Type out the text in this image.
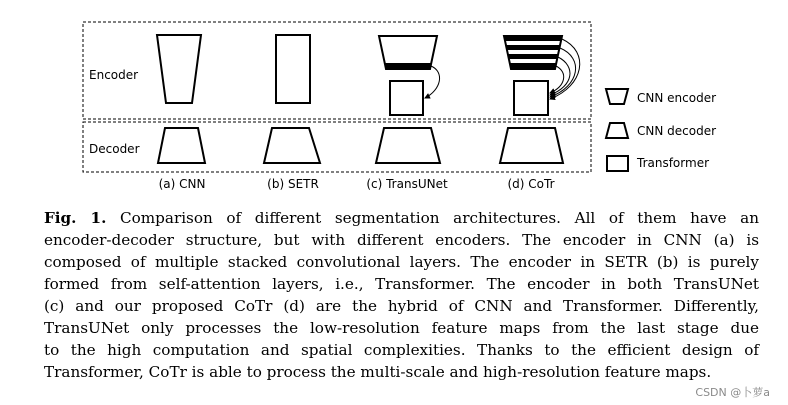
Encoder
Decoder
(a) CNN	(b) SETR	(c) TransUNet	(d) CoTr
CNN encoder
CNN decoder
Transformer
Fig. 1. Comparison of different segmentation architectures. All of them have an
encoder-decoder structure, but with different encoders. The encoder in CNN (a) is
composed of multiple stacked convolutional layers. The encoder in SETR (b) is purely
formed from self-attention layers, i.e., Transformer. The encoder in both TransUNet
(c) and our proposed CoTr (d) are the hybrid of CNN and Transformer. Differently,
TransUNet only processes the low-resolution feature maps from the last stage due
to the high computation and spatial complexities. Thanks to the efficient design of
Transformer, CoTr is able to process the multi-scale and high-resolution feature maps.
CSDN @卜萝a
